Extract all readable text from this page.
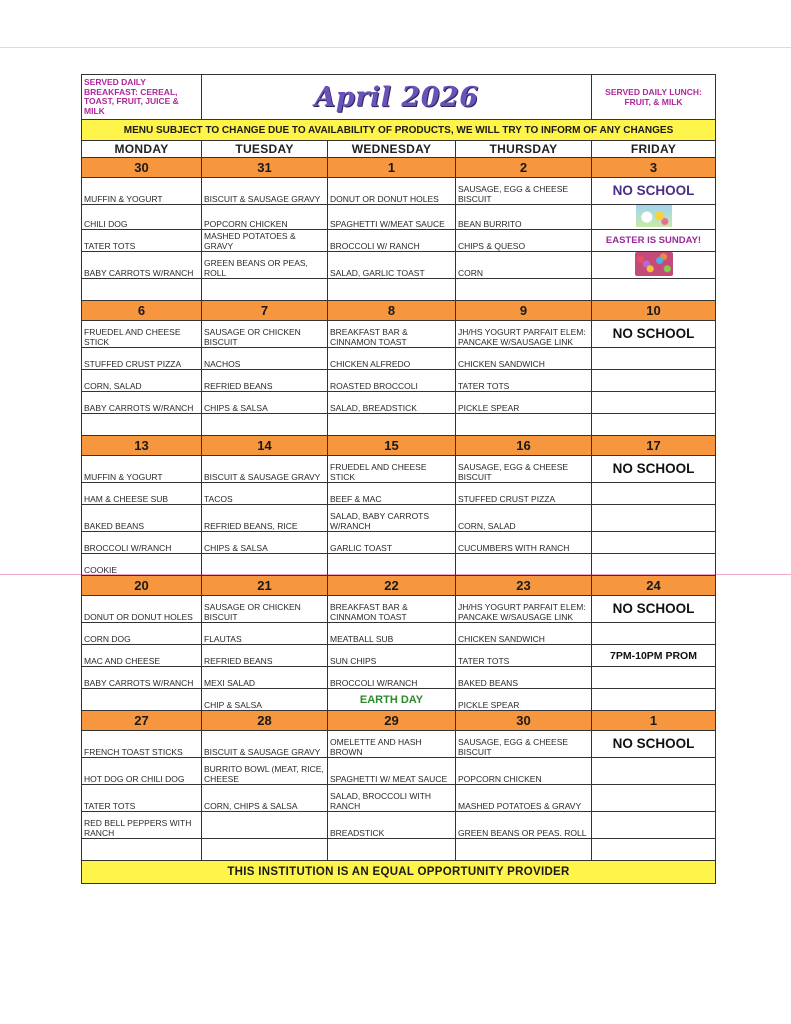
SERVED DAILY BREAKFAST: CEREAL, TOAST, FRUIT, JUICE & MILK	April 2026			SERVED DAILY LUNCH: FRUIT, & MILK
MENU SUBJECT TO CHANGE DUE TO AVAILABILITY OF PRODUCTS, WE WILL TRY TO INFORM OF ANY CHANGES				
MONDAY	TUESDAY	WEDNESDAY	THURSDAY	FRIDAY
30	31	1	2	3
MUFFIN & YOGURT	BISCUIT & SAUSAGE GRAVY	DONUT OR DONUT HOLES	SAUSAGE, EGG & CHEESE BISCUIT	NO SCHOOL
CHILI DOG	POPCORN CHICKEN	SPAGHETTI W/MEAT SAUCE	BEAN BURRITO	
TATER TOTS	MASHED POTATOES & GRAVY	BROCCOLI W/ RANCH	CHIPS & QUESO	EASTER IS SUNDAY!
BABY CARROTS W/RANCH	GREEN BEANS OR PEAS, ROLL	SALAD, GARLIC TOAST	CORN	

6	7	8	9	10
FRUEDEL AND CHEESE STICK	SAUSAGE OR CHICKEN BISCUIT	BREAKFAST BAR & CINNAMON TOAST	JH/HS YOGURT PARFAIT ELEM: PANCAKE W/SAUSAGE LINK	NO SCHOOL
STUFFED CRUST PIZZA	NACHOS	CHICKEN ALFREDO	CHICKEN SANDWICH	
CORN, SALAD	REFRIED BEANS	ROASTED BROCCOLI	TATER TOTS	
BABY CARROTS W/RANCH	CHIPS & SALSA	SALAD, BREADSTICK	PICKLE SPEAR	

13	14	15	16	17
MUFFIN & YOGURT	BISCUIT & SAUSAGE GRAVY	FRUEDEL AND CHEESE STICK	SAUSAGE, EGG & CHEESE BISCUIT	NO SCHOOL
HAM & CHEESE SUB	TACOS	BEEF & MAC	STUFFED CRUST PIZZA	
BAKED BEANS	REFRIED BEANS, RICE	SALAD, BABY CARROTS W/RANCH	CORN, SALAD	
BROCCOLI W/RANCH	CHIPS & SALSA	GARLIC TOAST	CUCUMBERS WITH RANCH	
COOKIE				
20	21	22	23	24
DONUT OR DONUT HOLES	SAUSAGE OR CHICKEN BISCUIT	BREAKFAST BAR & CINNAMON TOAST	JH/HS YOGURT PARFAIT ELEM: PANCAKE W/SAUSAGE LINK	NO SCHOOL
CORN DOG	FLAUTAS	MEATBALL SUB	CHICKEN SANDWICH	
MAC AND CHEESE	REFRIED BEANS	SUN CHIPS	TATER TOTS	7PM-10PM PROM
BABY CARROTS W/RANCH	MEXI SALAD	BROCCOLI W/RANCH	BAKED BEANS	
	CHIP & SALSA	EARTH DAY	PICKLE SPEAR	
27	28	29	30	1
FRENCH TOAST STICKS	BISCUIT & SAUSAGE GRAVY	OMELETTE AND HASH BROWN	SAUSAGE, EGG & CHEESE BISCUIT	NO SCHOOL
HOT DOG OR CHILI DOG	BURRITO BOWL (MEAT, RICE, CHEESE	SPAGHETTI W/ MEAT SAUCE	POPCORN CHICKEN	
TATER TOTS	CORN, CHIPS & SALSA	SALAD, BROCCOLI WITH RANCH	MASHED POTATOES & GRAVY	
RED BELL PEPPERS WITH RANCH		BREADSTICK	GREEN BEANS OR PEAS. ROLL	

THIS INSTITUTION IS AN EQUAL OPPORTUNITY PROVIDER				
